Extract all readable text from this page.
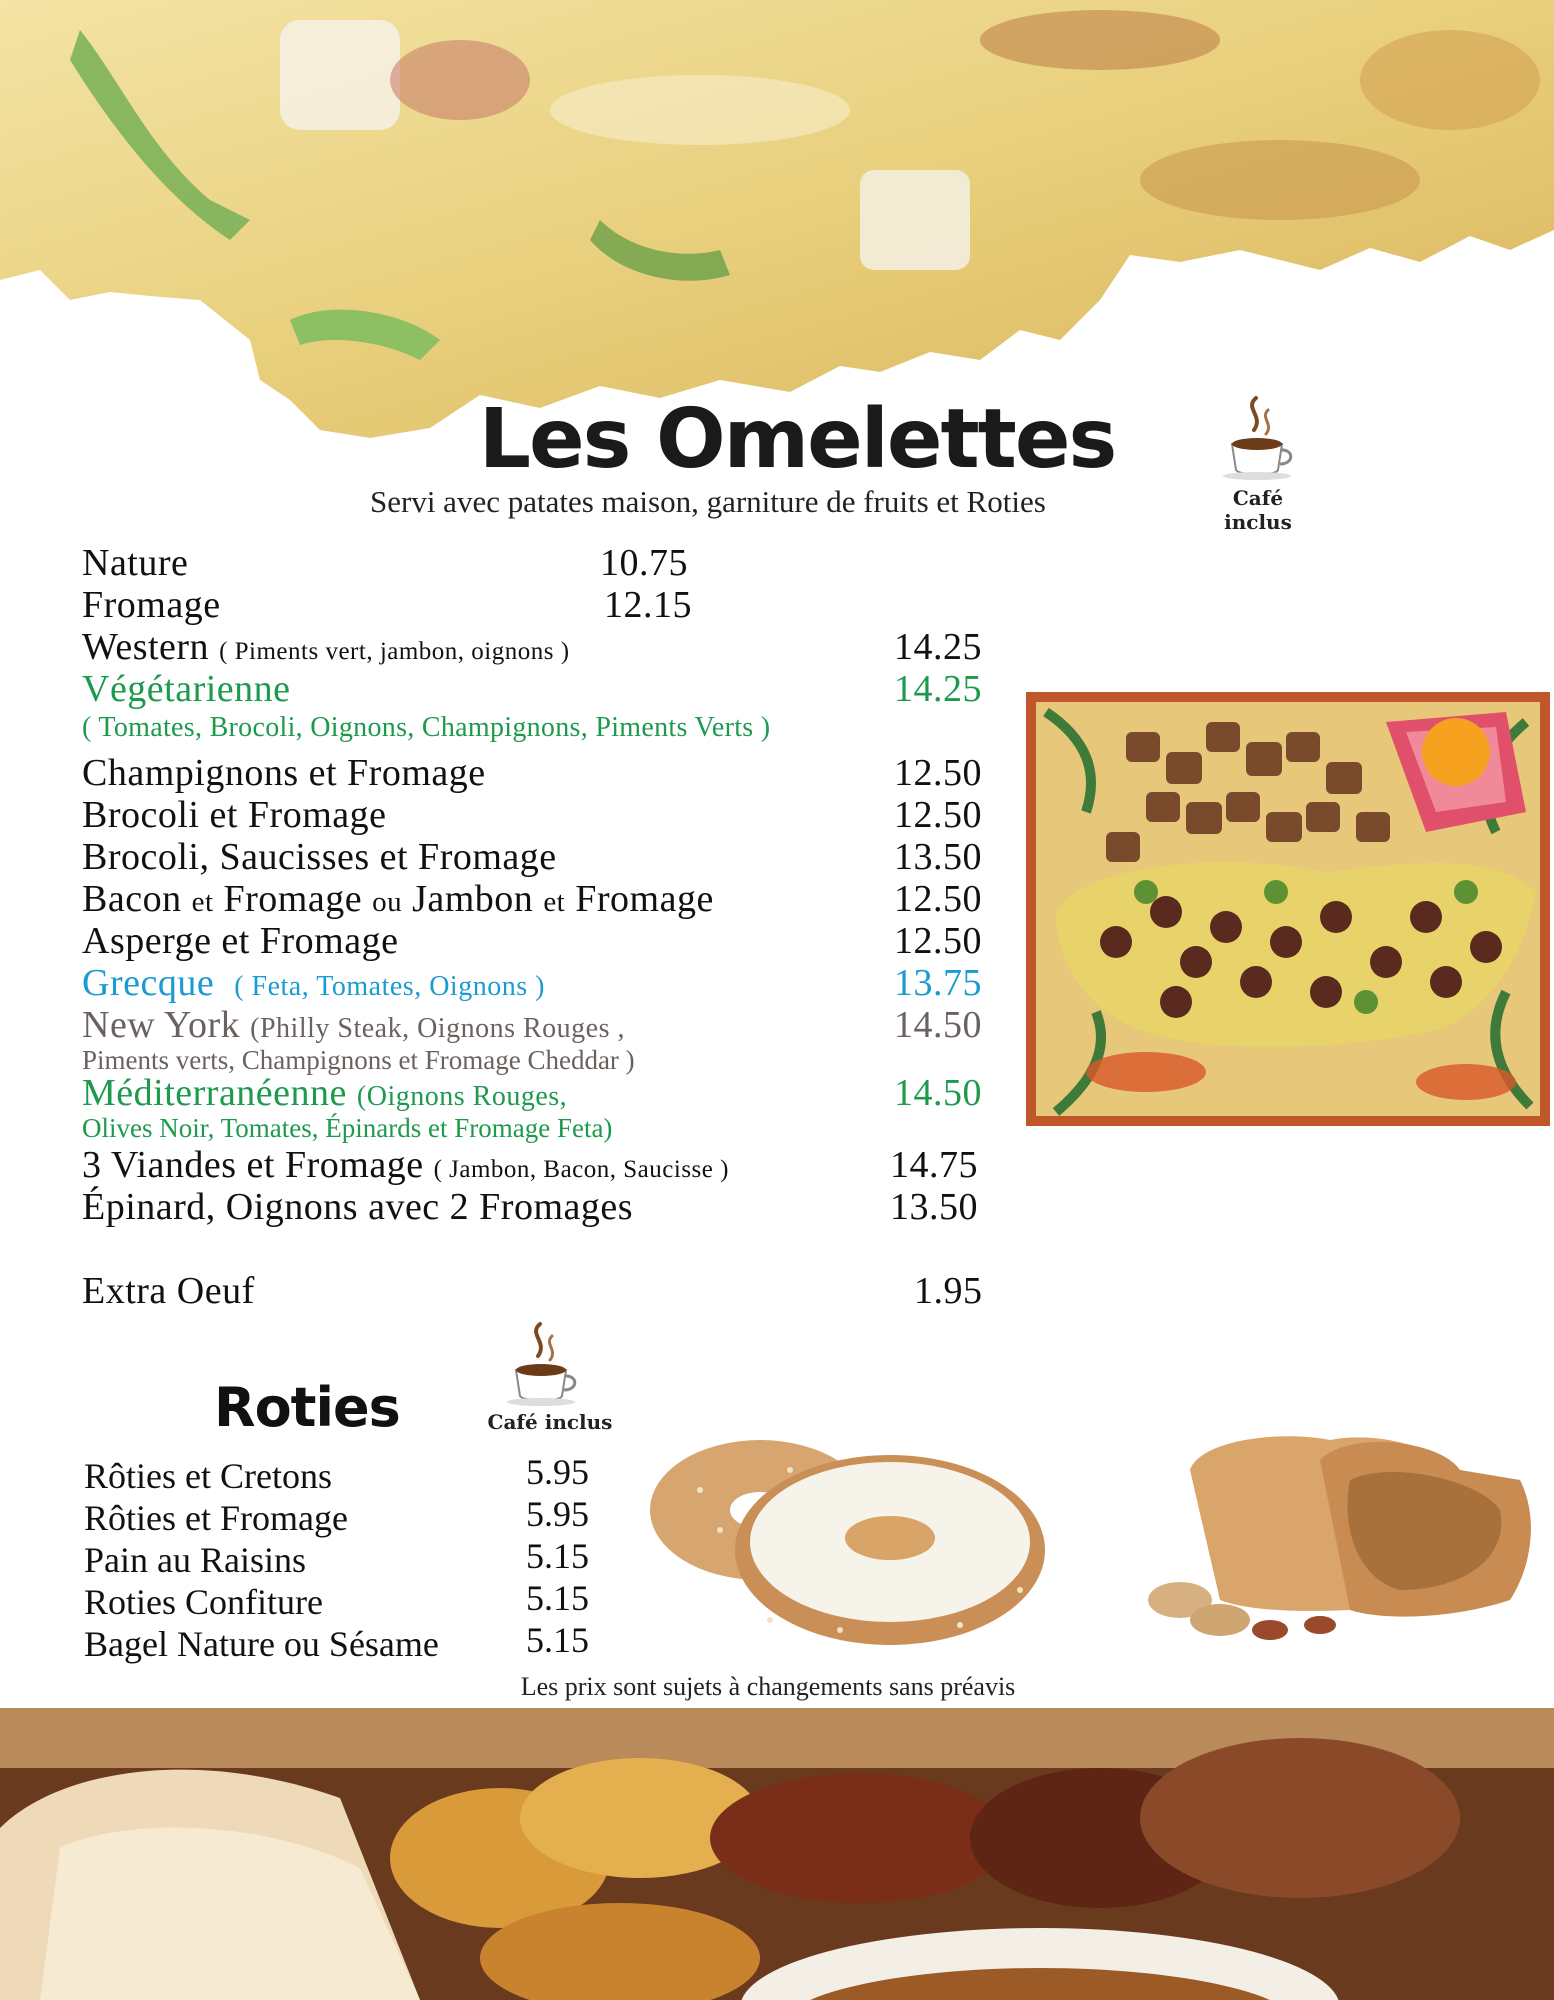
Les Omelettes
Servi avec patates maison, garniture de fruits et Roties	Café inclus
Nature	10.75
Fromage	12.15
Western ( Piments vert, jambon, oignons )	14.25
Végétarienne	14.25
( Tomates, Brocoli, Oignons, Champignons, Piments Verts )
Champignons et Fromage	12.50
Brocoli et Fromage	12.50
Brocoli, Saucisses et Fromage	13.50
Bacon et Fromage ou Jambon et Fromage	12.50
Asperge et Fromage	12.50
Grecque ( Feta, Tomates, Oignons )	13.75
New York (Philly Steak, Oignons Rouges ,	14.50
Piments verts, Champignons et Fromage Cheddar )
Méditerranéenne (Oignons Rouges,	14.50
Olives Noir, Tomates, Épinards et Fromage Feta)
3 Viandes et Fromage ( Jambon, Bacon, Saucisse )	14.75
Épinard, Oignons avec 2 Fromages	13.50
Extra Oeuf	1.95
Roties	Café inclus
Rôties et Cretons	5.95
Rôties et Fromage	5.95
Pain au Raisins	5.15
Roties Confiture	5.15
Bagel Nature ou Sésame 5.15
Les prix sont sujets à changements sans préavis
